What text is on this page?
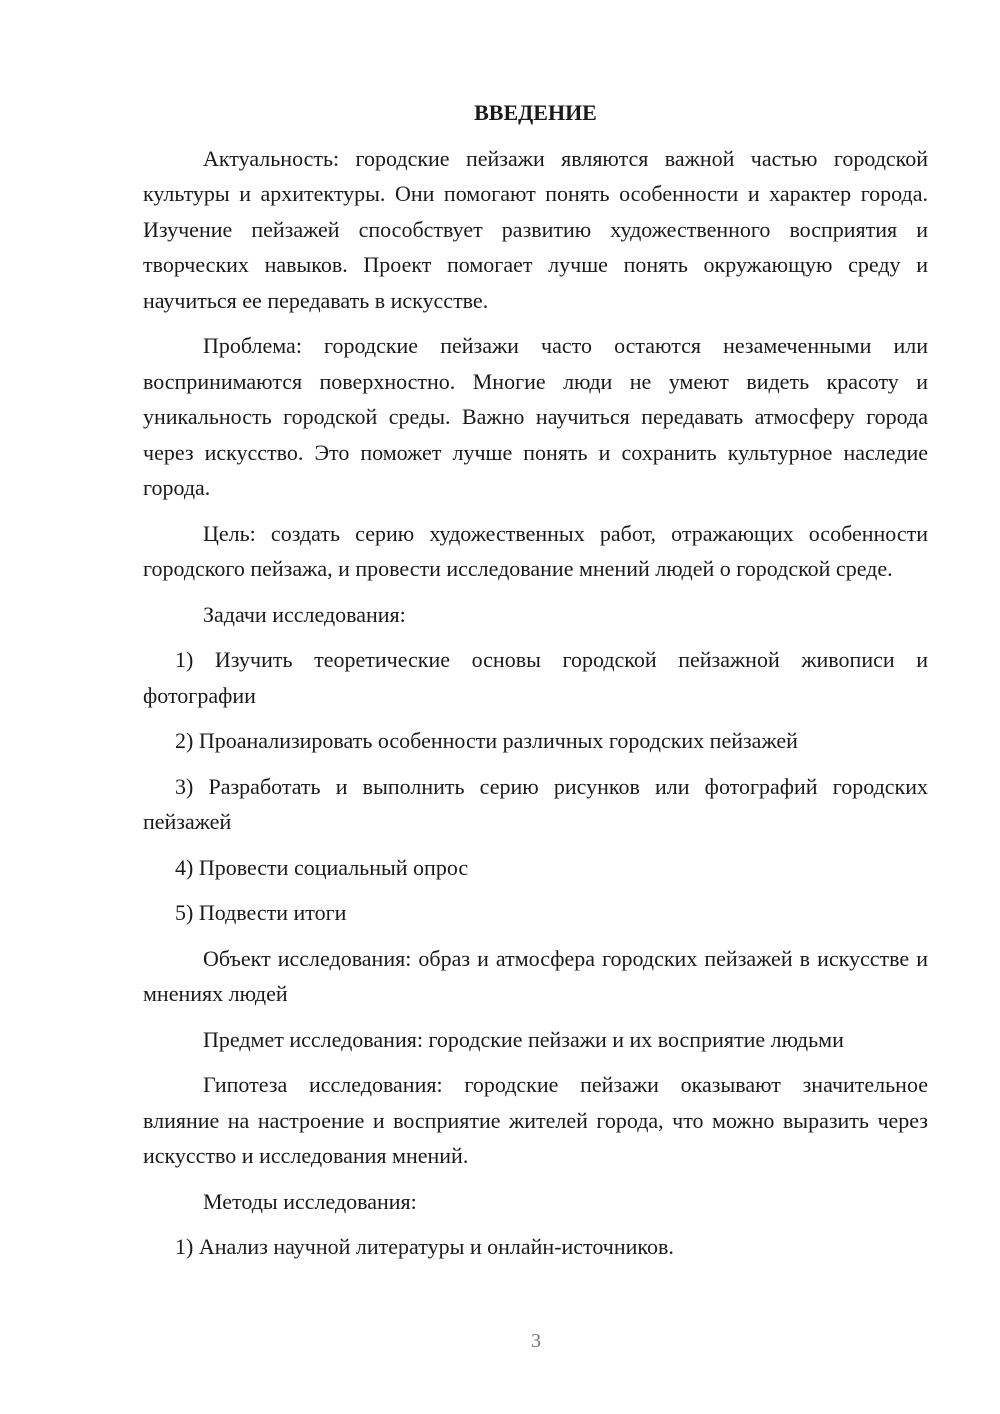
ВВЕДЕНИЕ

Актуальность: городские пейзажи являются важной частью городской культуры и архитектуры. Они помогают понять особенности и характер города. Изучение пейзажей способствует развитию художественного восприятия и творческих навыков. Проект помогает лучше понять окружающую среду и научиться ее передавать в искусстве.

Проблема: городские пейзажи часто остаются незамеченными или воспринимаются поверхностно. Многие люди не умеют видеть красоту и уникальность городской среды. Важно научиться передавать атмосферу города через искусство. Это поможет лучше понять и сохранить культурное наследие города.

Цель: создать серию художественных работ, отражающих особенности городского пейзажа, и провести исследование мнений людей о городской среде.

Задачи исследования:

1) Изучить теоретические основы городской пейзажной живописи и фотографии

2) Проанализировать особенности различных городских пейзажей

3) Разработать и выполнить серию рисунков или фотографий городских пейзажей

4) Провести социальный опрос

5) Подвести итоги

Объект исследования: образ и атмосфера городских пейзажей в искусстве и мнениях людей

Предмет исследования: городские пейзажи и их восприятие людьми

Гипотеза исследования: городские пейзажи оказывают значительное влияние на настроение и восприятие жителей города, что можно выразить через искусство и исследования мнений.

Методы исследования:

1) Анализ научной литературы и онлайн-источников.

3
